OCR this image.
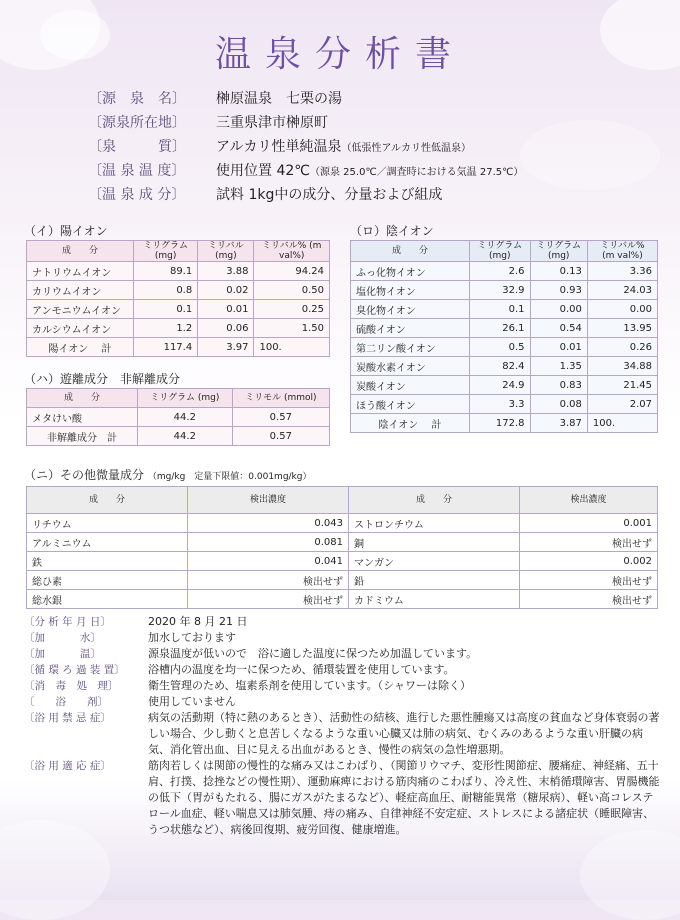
温泉分析書
〔源　泉　名〕	榊原温泉　七栗の湯
〔源泉所在地〕	三重県津市榊原町
〔泉　　　質〕	アルカリ性単純温泉 （低張性アルカリ性低温泉）
〔温 泉 温 度〕	使用位置 42℃ （源泉 25.0℃／調査時における気温 27.5℃）
〔温 泉 成 分〕	試料 1kg中の成分、分量および組成
（イ）陽イオン
成　　分	ミリグラム (mg)	ミリバル (mg)	ミリバル% (m val%)
ナトリウムイオン	89.1	3.88	94.24
カリウムイオン	0.8	0.02	0.50
アンモニウムイオン	0.1	0.01	0.25
カルシウムイオン	1.2	0.06	1.50
陽イオン　 計	117.4	3.97	100.
（ハ）遊離成分　非解離成分
成　　分	ミリグラム (mg)	ミリモル (mmol)
メタけい酸	44.2	0.57
非解離成分　計	44.2	0.57
（ロ）陰イオン
成　　分	ミリグラム (mg)	ミリグラム (mg)	ミリバル% (m val%)
ふっ化物イオン	2.6	0.13	3.36
塩化物イオン	32.9	0.93	24.03
臭化物イオン	0.1	0.00	0.00
硫酸イオン	26.1	0.54	13.95
第二リン酸イオン	0.5	0.01	0.26
炭酸水素イオン	82.4	1.35	34.88
炭酸イオン	24.9	0.83	21.45
ほう酸イオン	3.3	0.08	2.07
陰イオン　 計	172.8	3.87	100.
（ニ）その他微量成分 （mg/kg　定量下限値：0.001mg/kg）
成　　分	検出濃度	成　　分	検出濃度
リチウム	0.043	ストロンチウム	0.001
アルミニウム	0.081	銅	検出せず
鉄	0.041	マンガン	0.002
総ひ素	検出せず	鉛	検出せず
総水銀	検出せず	カドミウム	検出せず
〔分 析 年 月 日〕	2020 年 8 月 21 日
〔加　　　 水〕	加水しております
〔加　　　 温〕	源泉温度が低いので　浴に適した温度に保つため加温しています。
〔循 環 ろ 過 装 置〕	浴槽内の温度を均一に保つため、循環装置を使用しています。
〔消　毒　処　理〕	衛生管理のため、塩素系剤を使用しています。（シャワーは除く）
〔　　浴　　剤〕	使用していません
〔浴 用 禁 忌 症〕	病気の活動期（特に熱のあるとき）、活動性の結核、進行した悪性腫瘍又は高度の貧血など身体衰弱の著しい場合、少し動くと息苦しくなるような重い心臓又は肺の病気、むくみのあるような重い肝臓の病気、消化管出血、目に見える出血があるとき、慢性の病気の急性増悪期。
〔浴 用 適 応 症〕	筋肉若しくは関節の慢性的な痛み又はこわばり、（関節リウマチ、変形性関節症、腰痛症、神経痛、五十肩、打撲、捻挫などの慢性期）、運動麻痺における筋肉痛のこわばり、冷え性、末梢循環障害、胃腸機能の低下（胃がもたれる、腸にガスがたまるなど）、軽症高血圧、耐糖能異常（糖尿病）、軽い高コレステロール血症、軽い喘息又は肺気腫、痔の痛み、自律神経不安定症、ストレスによる諸症状（睡眠障害、うつ状態など）、病後回復期、疲労回復、健康増進。
